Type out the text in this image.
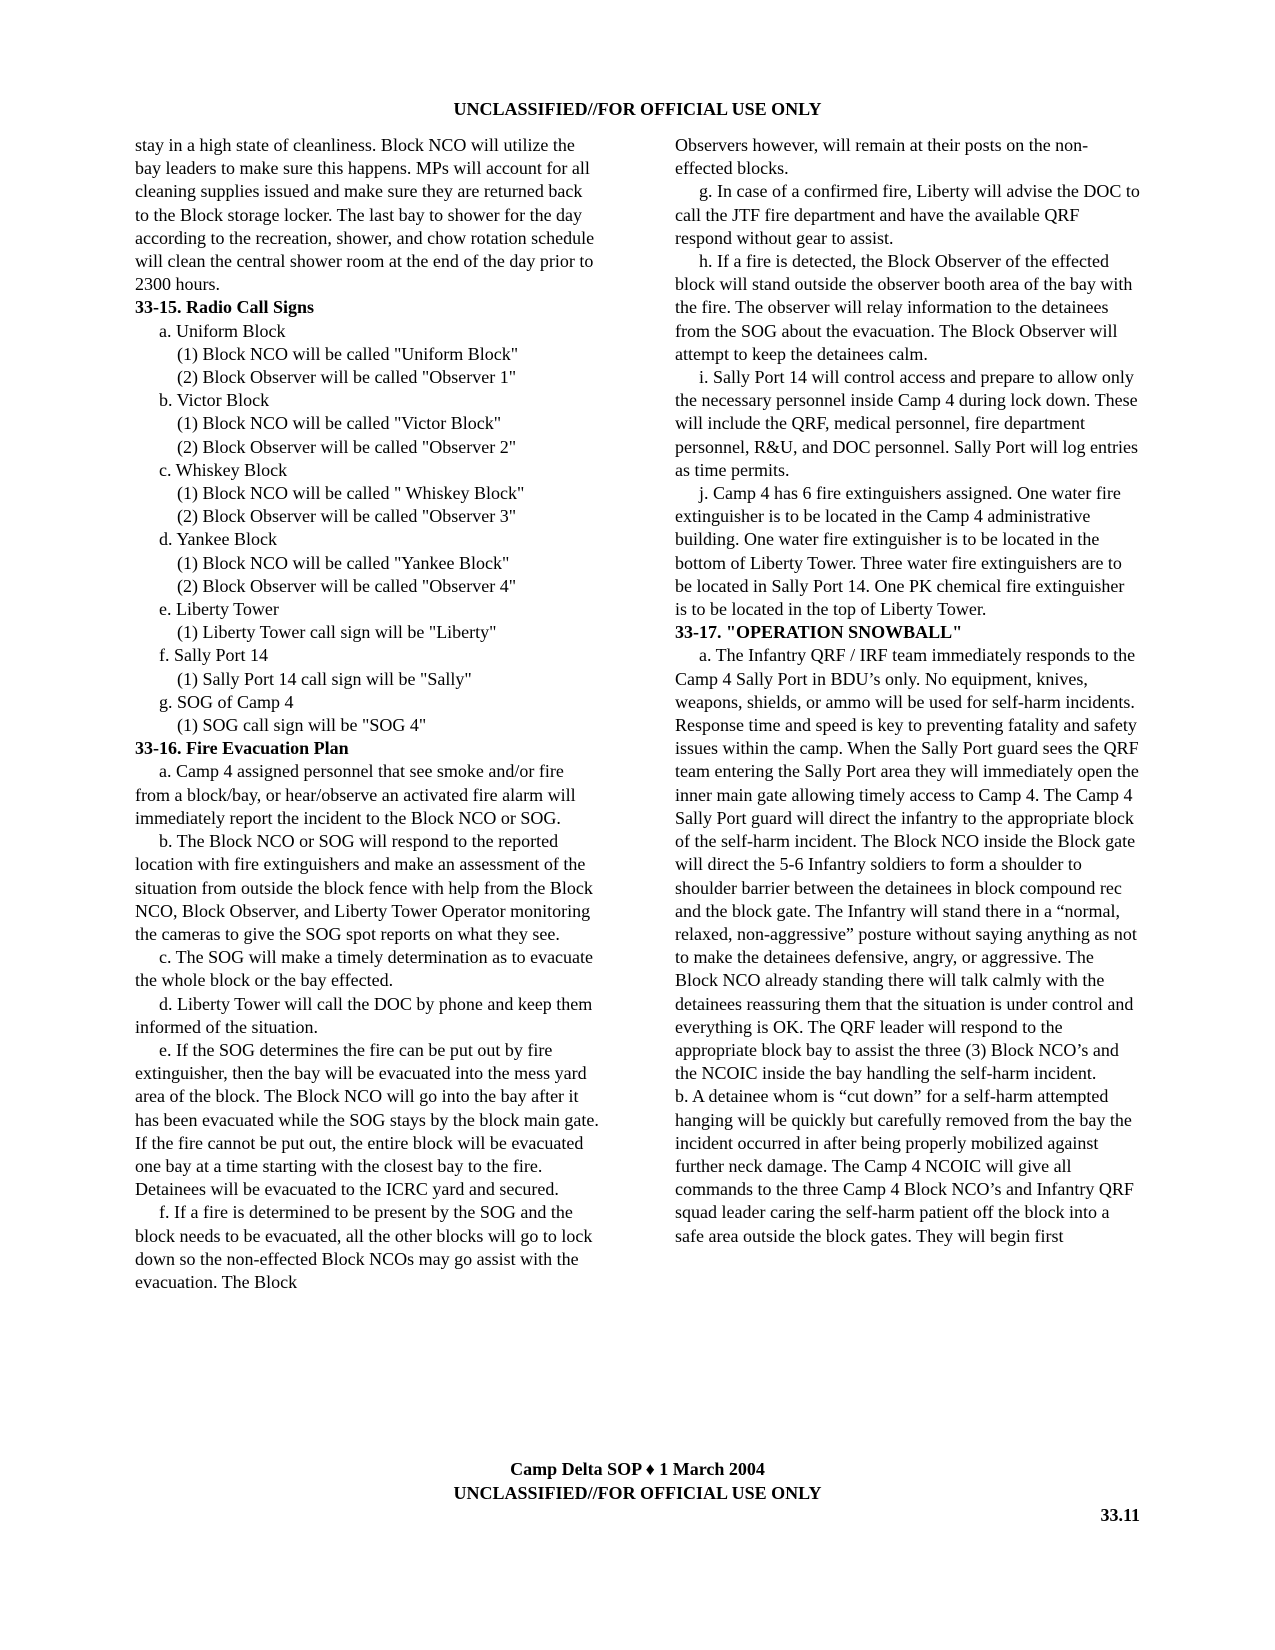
UNCLASSIFIED//FOR OFFICIAL USE ONLY

stay in a high state of cleanliness. Block NCO will utilize the bay leaders to make sure this happens. MPs will account for all cleaning supplies issued and make sure they are returned back to the Block storage locker. The last bay to shower for the day according to the recreation, shower, and chow rotation schedule will clean the central shower room at the end of the day prior to 2300 hours.

33-15. Radio Call Signs

a. Uniform Block

(1) Block NCO will be called "Uniform Block"

(2) Block Observer will be called "Observer 1"

b. Victor Block

(1) Block NCO will be called "Victor Block"

(2) Block Observer will be called "Observer 2"

c. Whiskey Block

(1) Block NCO will be called " Whiskey Block"

(2) Block Observer will be called "Observer 3"

d. Yankee Block

(1) Block NCO will be called "Yankee Block"

(2) Block Observer will be called "Observer 4"

e. Liberty Tower

(1) Liberty Tower call sign will be "Liberty"

f. Sally Port 14

(1) Sally Port 14 call sign will be "Sally"

g. SOG of Camp 4

(1) SOG call sign will be "SOG 4"

33-16. Fire Evacuation Plan

a. Camp 4 assigned personnel that see smoke and/or fire from a block/bay, or hear/observe an activated fire alarm will immediately report the incident to the Block NCO or SOG.

b. The Block NCO or SOG will respond to the reported location with fire extinguishers and make an assessment of the situation from outside the block fence with help from the Block NCO, Block Observer, and Liberty Tower Operator monitoring the cameras to give the SOG spot reports on what they see.

c. The SOG will make a timely determination as to evacuate the whole block or the bay effected.

d. Liberty Tower will call the DOC by phone and keep them informed of the situation.

e. If the SOG determines the fire can be put out by fire extinguisher, then the bay will be evacuated into the mess yard area of the block. The Block NCO will go into the bay after it has been evacuated while the SOG stays by the block main gate. If the fire cannot be put out, the entire block will be evacuated one bay at a time starting with the closest bay to the fire. Detainees will be evacuated to the ICRC yard and secured.

f. If a fire is determined to be present by the SOG and the block needs to be evacuated, all the other blocks will go to lock down so the non-effected Block NCOs may go assist with the evacuation. The Block

Observers however, will remain at their posts on the non-effected blocks.

g. In case of a confirmed fire, Liberty will advise the DOC to call the JTF fire department and have the available QRF respond without gear to assist.

h. If a fire is detected, the Block Observer of the effected block will stand outside the observer booth area of the bay with the fire. The observer will relay information to the detainees from the SOG about the evacuation. The Block Observer will attempt to keep the detainees calm.

i. Sally Port 14 will control access and prepare to allow only the necessary personnel inside Camp 4 during lock down. These will include the QRF, medical personnel, fire department personnel, R&U, and DOC personnel. Sally Port will log entries as time permits.

j. Camp 4 has 6 fire extinguishers assigned. One water fire extinguisher is to be located in the Camp 4 administrative building. One water fire extinguisher is to be located in the bottom of Liberty Tower. Three water fire extinguishers are to be located in Sally Port 14. One PK chemical fire extinguisher is to be located in the top of Liberty Tower.

33-17. "OPERATION SNOWBALL"

a. The Infantry QRF / IRF team immediately responds to the Camp 4 Sally Port in BDU’s only. No equipment, knives, weapons, shields, or ammo will be used for self-harm incidents. Response time and speed is key to preventing fatality and safety issues within the camp. When the Sally Port guard sees the QRF team entering the Sally Port area they will immediately open the inner main gate allowing timely access to Camp 4. The Camp 4 Sally Port guard will direct the infantry to the appropriate block of the self-harm incident. The Block NCO inside the Block gate will direct the 5-6 Infantry soldiers to form a shoulder to shoulder barrier between the detainees in block compound rec and the block gate. The Infantry will stand there in a “normal, relaxed, non-aggressive” posture without saying anything as not to make the detainees defensive, angry, or aggressive. The Block NCO already standing there will talk calmly with the detainees reassuring them that the situation is under control and everything is OK. The QRF leader will respond to the appropriate block bay to assist the three (3) Block NCO’s and the NCOIC inside the bay handling the self-harm incident.

b. A detainee whom is “cut down” for a self-harm attempted hanging will be quickly but carefully removed from the bay the incident occurred in after being properly mobilized against further neck damage. The Camp 4 NCOIC will give all commands to the three Camp 4 Block NCO’s and Infantry QRF squad leader caring the self-harm patient off the block into a safe area outside the block gates. They will begin first

Camp Delta SOP ♦ 1 March 2004
UNCLASSIFIED//FOR OFFICIAL USE ONLY
33.11
